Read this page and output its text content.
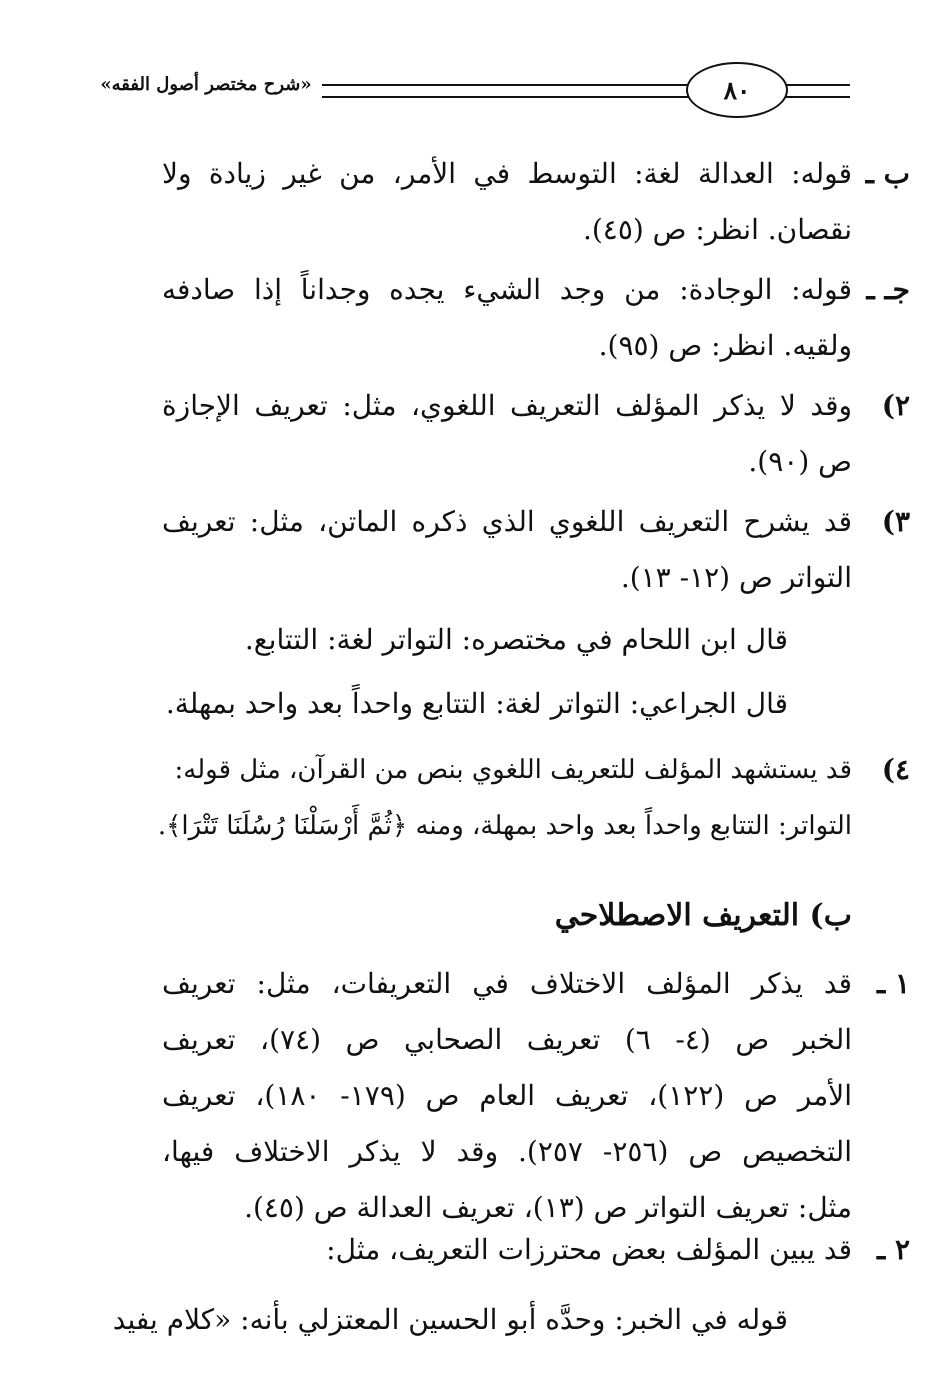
٨٠
«شرح مختصر أصول الفقه»
ب ـ
قوله: العدالة لغة: التوسط في الأمر، من غير زيادة ولا
نقصان. انظر: ص (٤٥).
جـ ـ
قوله: الوجادة: من وجد الشيء يجده وجداناً إذا صادفه
ولقيه. انظر: ص (٩٥).
٢)
وقد لا يذكر المؤلف التعريف اللغوي، مثل: تعريف الإجازة
ص (٩٠).
٣)
قد يشرح التعريف اللغوي الذي ذكره الماتن، مثل: تعريف
التواتر ص (١٢- ١٣).
قال ابن اللحام في مختصره: التواتر لغة: التتابع.
قال الجراعي: التواتر لغة: التتابع واحداً بعد واحد بمهلة.
٤)
قد يستشهد المؤلف للتعريف اللغوي بنص من القرآن، مثل قوله:
التواتر: التتابع واحداً بعد واحد بمهلة، ومنه ﴿ثُمَّ أَرْسَلْنَا رُسُلَنَا تَتْرَا﴾.
ب) التعريف الاصطلاحي
١ ـ
قد يذكر المؤلف الاختلاف في التعريفات، مثل: تعريف
الخبر ص (٤- ٦) تعريف الصحابي ص (٧٤)، تعريف
الأمر ص (١٢٢)، تعريف العام ص (١٧٩- ١٨٠)، تعريف
التخصيص ص (٢٥٦- ٢٥٧). وقد لا يذكر الاختلاف فيها،
مثل: تعريف التواتر ص (١٣)، تعريف العدالة ص (٤٥).
٢ ـ
قد يبين المؤلف بعض محترزات التعريف، مثل:
قوله في الخبر: وحدَّه أبو الحسين المعتزلي بأنه: «كلام يفيد
